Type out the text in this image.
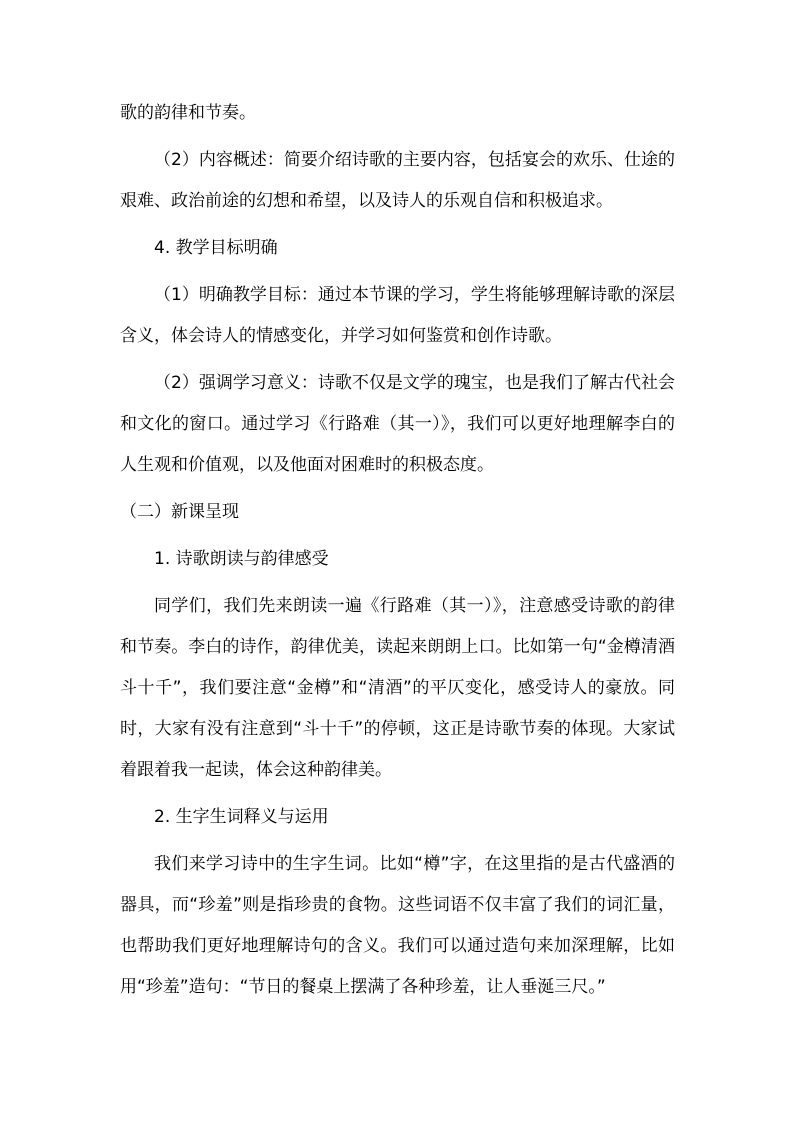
歌的韵律和节奏。

（2）内容概述：简要介绍诗歌的主要内容，包括宴会的欢乐、仕途的艰难、政治前途的幻想和希望，以及诗人的乐观自信和积极追求。

4. 教学目标明确

（1）明确教学目标：通过本节课的学习，学生将能够理解诗歌的深层含义，体会诗人的情感变化，并学习如何鉴赏和创作诗歌。

（2）强调学习意义：诗歌不仅是文学的瑰宝，也是我们了解古代社会和文化的窗口。通过学习《行路难（其一）》，我们可以更好地理解李白的人生观和价值观，以及他面对困难时的积极态度。

（二）新课呈现

1. 诗歌朗读与韵律感受

同学们，我们先来朗读一遍《行路难（其一）》，注意感受诗歌的韵律和节奏。李白的诗作，韵律优美，读起来朗朗上口。比如第一句“金樽清酒斗十千”，我们要注意“金樽”和“清酒”的平仄变化，感受诗人的豪放。同时，大家有没有注意到“斗十千”的停顿，这正是诗歌节奏的体现。大家试着跟着我一起读，体会这种韵律美。

2. 生字生词释义与运用

我们来学习诗中的生字生词。比如“樽”字，在这里指的是古代盛酒的器具，而“珍羞”则是指珍贵的食物。这些词语不仅丰富了我们的词汇量，也帮助我们更好地理解诗句的含义。我们可以通过造句来加深理解，比如用“珍羞”造句：“节日的餐桌上摆满了各种珍羞，让人垂涎三尺。”
